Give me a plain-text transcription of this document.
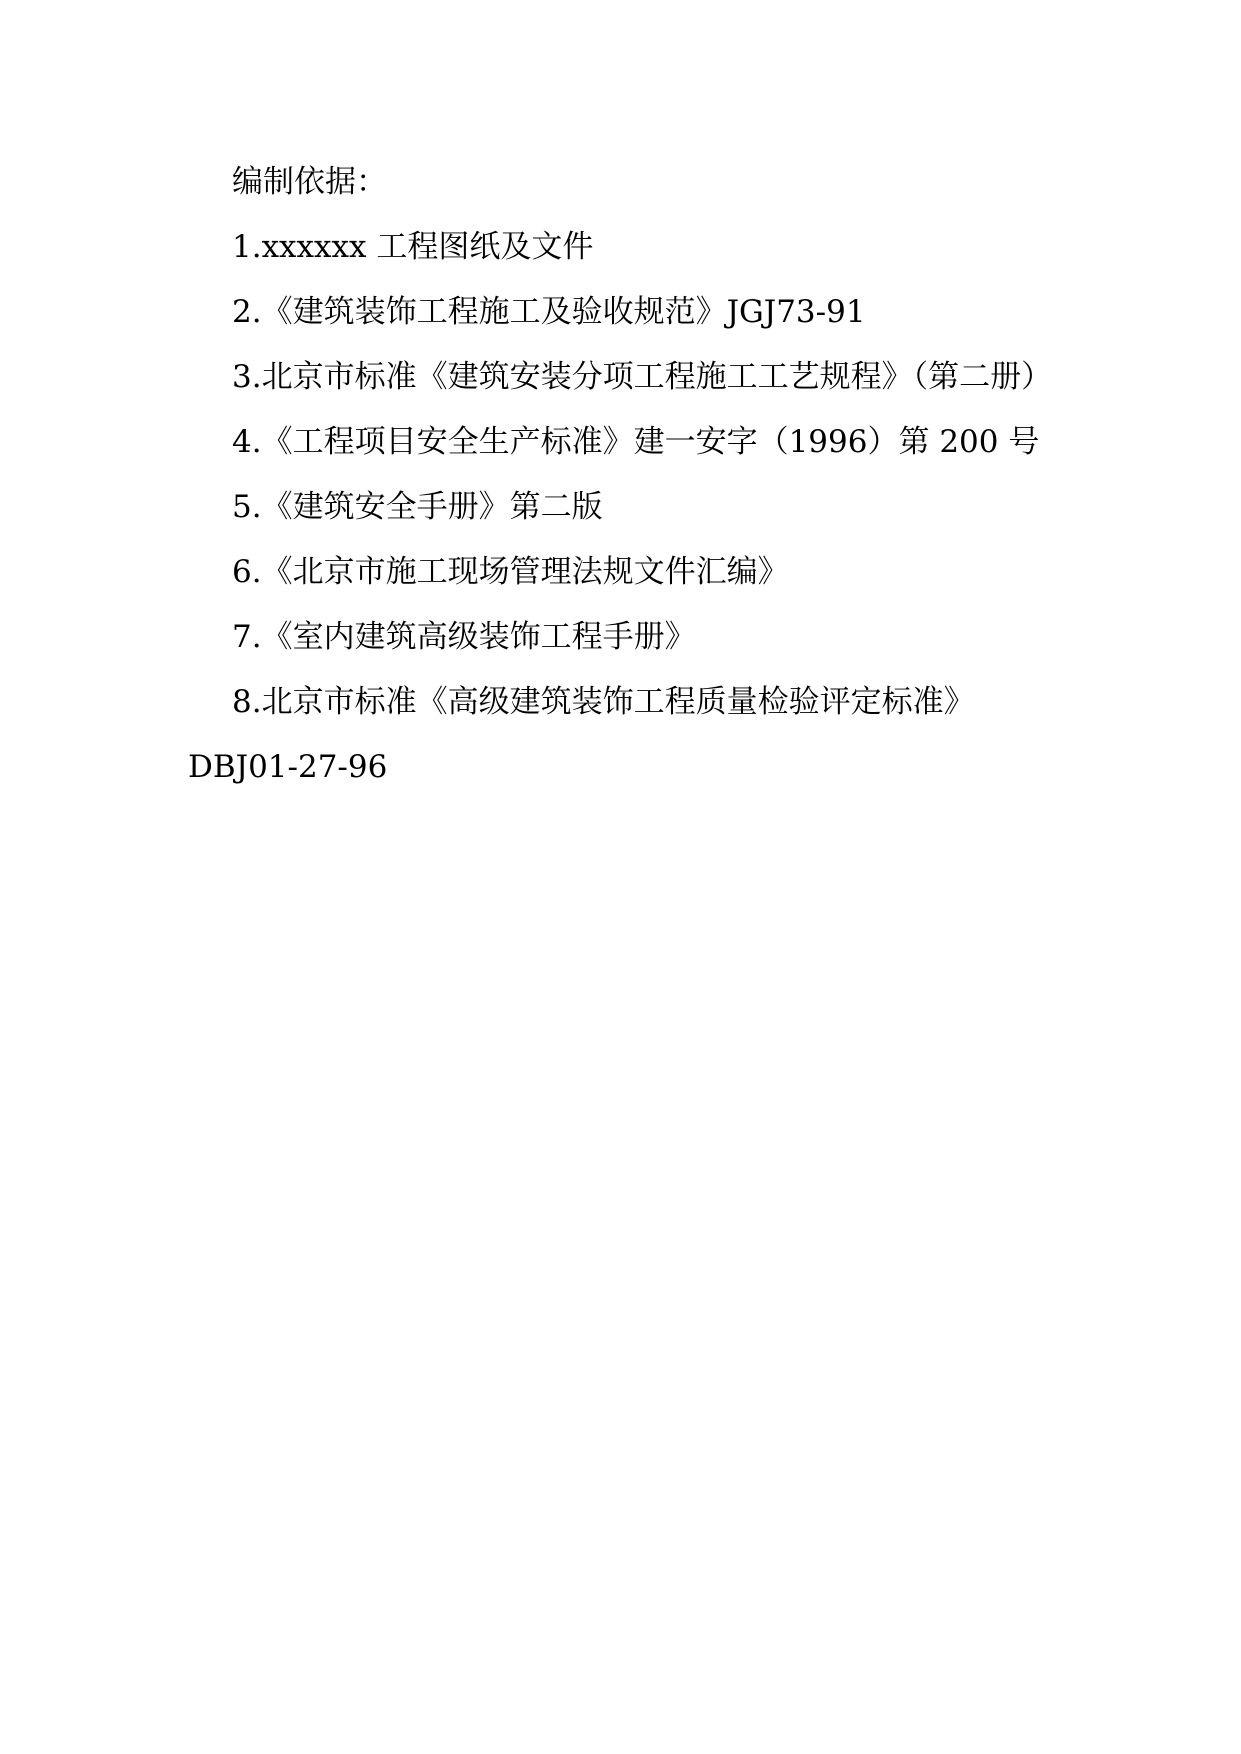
编制依据：

1.xxxxxx 工程图纸及文件

2.《建筑装饰工程施工及验收规范》JGJ73-91

3.北京市标准《建筑安装分项工程施工工艺规程》（第二册）

4.《工程项目安全生产标准》建一安字（1996）第 200 号

5.《建筑安全手册》第二版

6.《北京市施工现场管理法规文件汇编》

7.《室内建筑高级装饰工程手册》

8.北京市标准《高级建筑装饰工程质量检验评定标准》DBJ01-27-96
